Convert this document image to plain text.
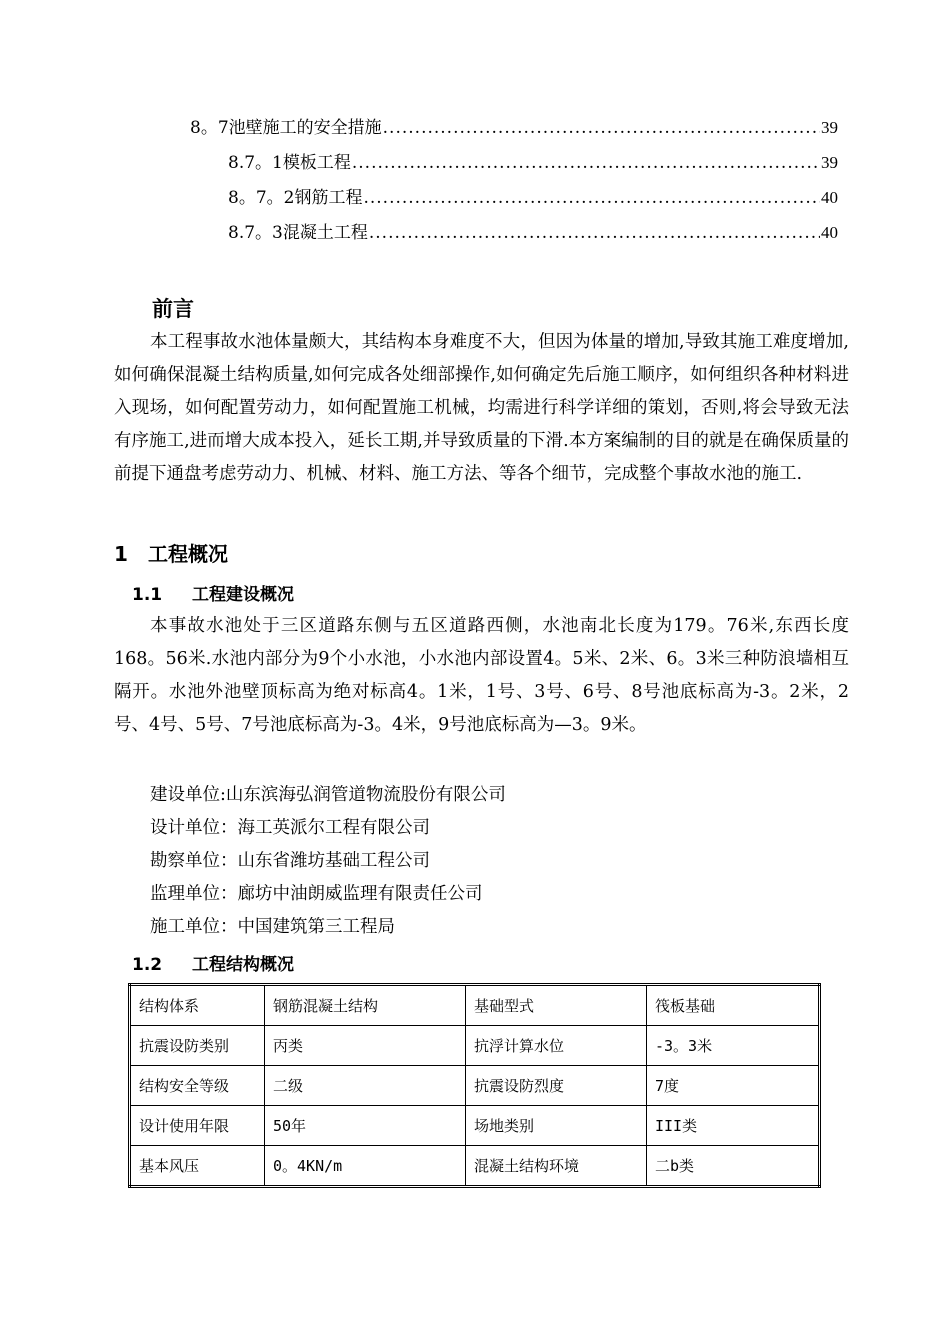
8。7池壁施工的安全措施 .....	39
8.7。1模板工程 .....	39
8。7。2钢筋工程 .....	40
8.7。3混凝土工程 .....	40
前言
本工程事故水池体量颇大，其结构本身难度不大，但因为体量的增加,导致其施工难度增加,如何确保混凝土结构质量,如何完成各处细部操作,如何确定先后施工顺序，如何组织各种材料进入现场，如何配置劳动力，如何配置施工机械，均需进行科学详细的策划，否则,将会导致无法有序施工,进而增大成本投入，延长工期,并导致质量的下滑.本方案编制的目的就是在确保质量的前提下通盘考虑劳动力、机械、材料、施工方法、等各个细节，完成整个事故水池的施工.
1 工程概况
1.1 工程建设概况
本事故水池处于三区道路东侧与五区道路西侧，水池南北长度为179。76米,东西长度168。56米.水池内部分为9个小水池，小水池内部设置4。5米、2米、6。3米三种防浪墙相互隔开。水池外池壁顶标高为绝对标高4。1米，1号、3号、6号、8号池底标高为-3。2米，2号、4号、5号、7号池底标高为-3。4米，9号池底标高为—3。9米。
建设单位:山东滨海弘润管道物流股份有限公司
设计单位：海工英派尔工程有限公司
勘察单位：山东省潍坊基础工程公司
监理单位：廊坊中油朗威监理有限责任公司
施工单位：中国建筑第三工程局
1.2 工程结构概况
结构体系	钢筋混凝土结构	基础型式	筏板基础
抗震设防类别	丙类	抗浮计算水位	-3。3米
结构安全等级	二级	抗震设防烈度	7度
设计使用年限	50年	场地类别	III类
基本风压	0。4KN/m	混凝土结构环境	二b类
